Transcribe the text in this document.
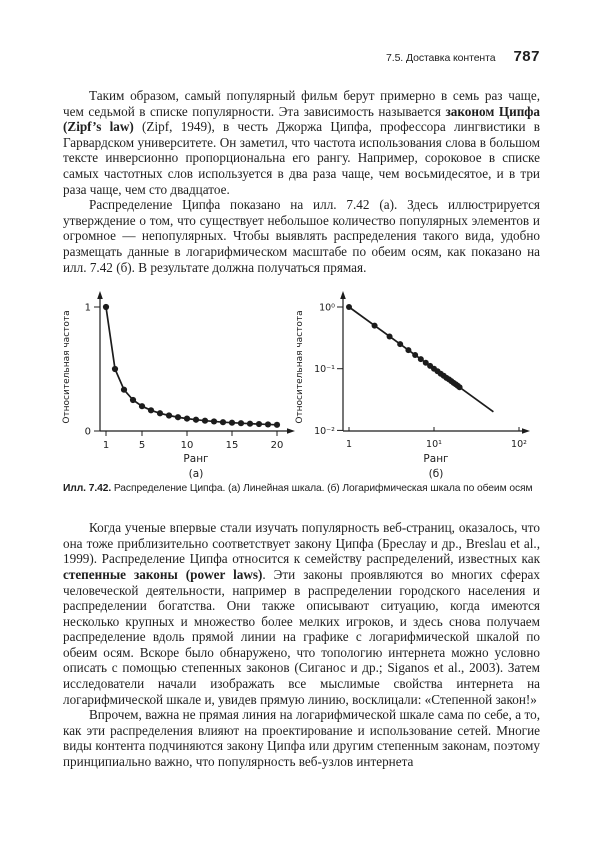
7.5. Доставка контента 787

Таким образом, самый популярный фильм берут примерно в семь раз чаще, чем седьмой в списке популярности. Эта зависимость называется законом Ципфа (Zipf’s law) (Zipf, 1949), в честь Джоржа Ципфа, профессора лингвистики в Гарвардском университете. Он заметил, что частота использования слова в большом тексте инверсионно пропорциональна его рангу. Например, сороковое в списке самых частотных слов используется в два раза чаще, чем восьмидесятое, и в три раза чаще, чем сто двадцатое.

Распределение Ципфа показано на илл. 7.42 (а). Здесь иллюстрируется утверждение о том, что существует небольшое количество популярных элементов и огромное — непопулярных. Чтобы выявлять распределения такого вида, удобно размещать данные в логарифмическом масштабе по обеим осям, как показано на илл. 7.42 (б). В результате должна получаться прямая.

1	5	10	15	20
1
0
Относительная частота
Ранг
(а)
1	10¹	10²
10⁰
10⁻¹
10⁻²
Относительная частота
Ранг
(б)
Илл. 7.42. Распределение Ципфа. (а) Линейная шкала. (б) Логарифмическая шкала по обеим осям

Когда ученые впервые стали изучать популярность веб-страниц, оказалось, что она тоже приблизительно соответствует закону Ципфа (Бреслау и др., Breslau et al., 1999). Распределение Ципфа относится к семейству распределений, известных как степенные законы (power laws). Эти законы проявляются во многих сферах человеческой деятельности, например в распределении городского населения и распределении богатства. Они также описывают ситуацию, когда имеются несколько крупных и множество более мелких игроков, и здесь снова получаем распределение вдоль прямой линии на графике с логарифмической шкалой по обеим осям. Вскоре было обнаружено, что топологию интернета можно условно описать с помощью степенных законов (Сиганос и др.; Siganos et al., 2003). Затем исследователи начали изображать все мыслимые свойства интернета на логарифмической шкале и, увидев прямую линию, восклицали: «Степенной закон!»

Впрочем, важна не прямая линия на логарифмической шкале сама по себе, а то, как эти распределения влияют на проектирование и использование сетей. Многие виды контента подчиняются закону Ципфа или другим степенным законам, поэтому принципиально важно, что популярность веб-узлов интернета
